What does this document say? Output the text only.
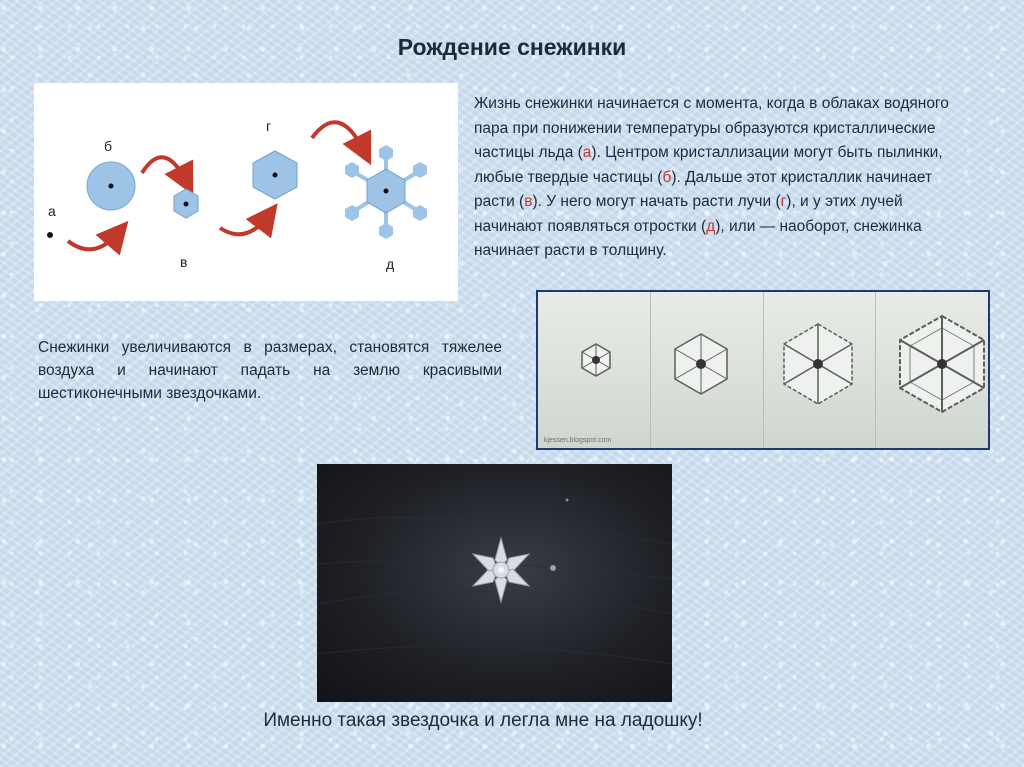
Рождение снежинки
а
б
в
г
д
Жизнь снежинки начинается с момента, когда в облаках водяного пара при понижении температуры образуются кристаллические частицы льда (а). Центром кристаллизации могут быть пылинки, любые твердые частицы (б). Дальше этот кристаллик начинает расти (в). У него могут начать расти лучи (г), и у этих лучей начинают появляться отростки (д), или — наоборот, снежинка начинает расти в толщину.
kjessen.blogspot.com
Снежинки увеличиваются в размерах, становятся тяжелее воздуха и начинают падать на землю красивыми шестиконечными звездочками.
Именно такая звездочка и легла мне на ладошку!
